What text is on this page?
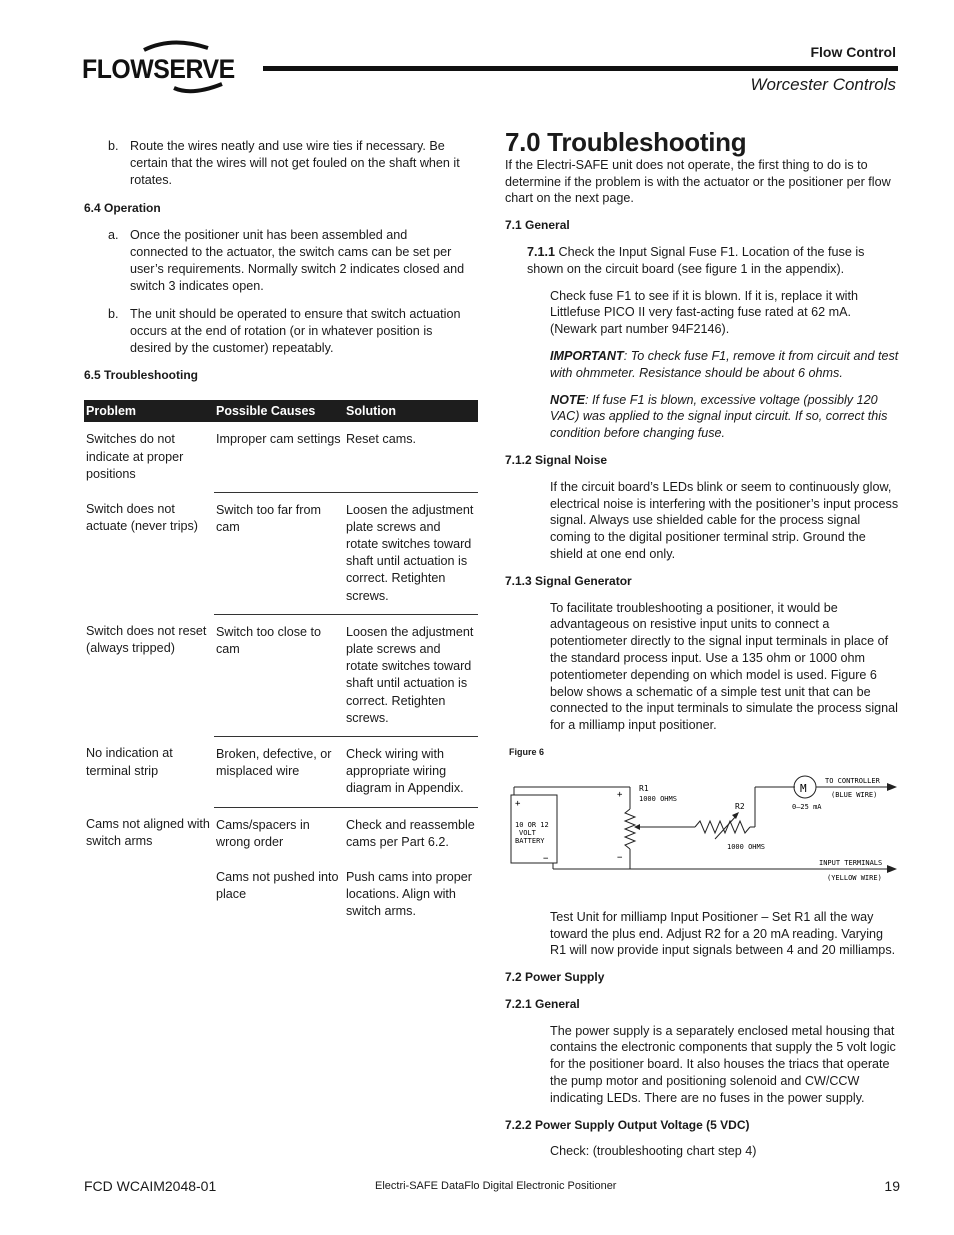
FLOWSERVE
Flow Control
Worcester Controls
b. Route the wires neatly and use wire ties if necessary. Be certain that the wires will not get fouled on the shaft when it rotates.
6.4 Operation
a. Once the positioner unit has been assembled and connected to the actuator, the switch cams can be set per user’s requirements. Normally switch 2 indicates closed and switch 3 indicates open.
b. The unit should be operated to ensure that switch actuation occurs at the end of rotation (or in whatever position is desired by the customer) repeatably.
6.5 Troubleshooting
Problem	Possible Causes	Solution
Switches do not indicate at proper positions	Improper cam settings	Reset cams.
Switch does not actuate (never trips)	Switch too far from cam	Loosen the adjustment plate screws and rotate switches toward shaft until actuation is correct. Retighten screws.
Switch does not reset (always tripped)	Switch too close to cam	Loosen the adjustment plate screws and rotate switches toward shaft until actuation is correct. Retighten screws.
No indication at terminal strip	Broken, defective, or misplaced wire	Check wiring with appropriate wiring diagram in Appendix.
Cams not aligned with switch arms	Cams/spacers in wrong order	Check and reassemble cams per Part 6.2.
	Cams not pushed into place	Push cams into proper locations. Align with switch arms.
7.0 Troubleshooting
If the Electri-SAFE unit does not operate, the first thing to do is to determine if the problem is with the actuator or the positioner per flow chart on the next page.
7.1 General
7.1.1 Check the Input Signal Fuse F1. Location of the fuse is shown on the circuit board (see figure 1 in the appendix).
Check fuse F1 to see if it is blown. If it is, replace it with Littlefuse PICO II very fast-acting fuse rated at 62 mA. (Newark part number 94F2146).
IMPORTANT: To check fuse F1, remove it from circuit and test with ohmmeter. Resistance should be about 6 ohms.
NOTE: If fuse F1 is blown, excessive voltage (possibly 120 VAC) was applied to the signal input circuit. If so, correct this condition before changing fuse.
7.1.2 Signal Noise
If the circuit board’s LEDs blink or seem to continuously glow, electrical noise is interfering with the positioner’s input process signal. Always use shielded cable for the process signal coming to the digital positioner terminal strip. Ground the shield at one end only.
7.1.3 Signal Generator
To facilitate troubleshooting a positioner, it would be advantageous on resistive input units to connect a potentiometer directly to the signal input terminals in place of the standard process input. Use a 135 ohm or 1000 ohm potentiometer depending on which model is used. Figure 6 below shows a schematic of a simple test unit that can be connected to the input terminals to simulate the process signal for a milliamp input positioner.
Figure 6
+
10 OR 12
VOLT
BATTERY
−
+
−
R1
1000 OHMS
R2
1000 OHMS
M
0–25 mA
TO CONTROLLER
(BLUE WIRE)
INPUT TERMINALS
(YELLOW WIRE)
Test Unit for milliamp Input Positioner – Set R1 all the way toward the plus end. Adjust R2 for a 20 mA reading. Varying R1 will now provide input signals between 4 and 20 milliamps.
7.2 Power Supply
7.2.1 General
The power supply is a separately enclosed metal housing that contains the electronic components that supply the 5 volt logic for the positioner board. It also houses the triacs that operate the pump motor and positioning solenoid and CW/CCW indicating LEDs. There are no fuses in the power supply.
7.2.2 Power Supply Output Voltage (5 VDC)
Check: (troubleshooting chart step 4)
FCD WCAIM2048-01	Electri-SAFE DataFlo Digital Electronic Positioner	19
